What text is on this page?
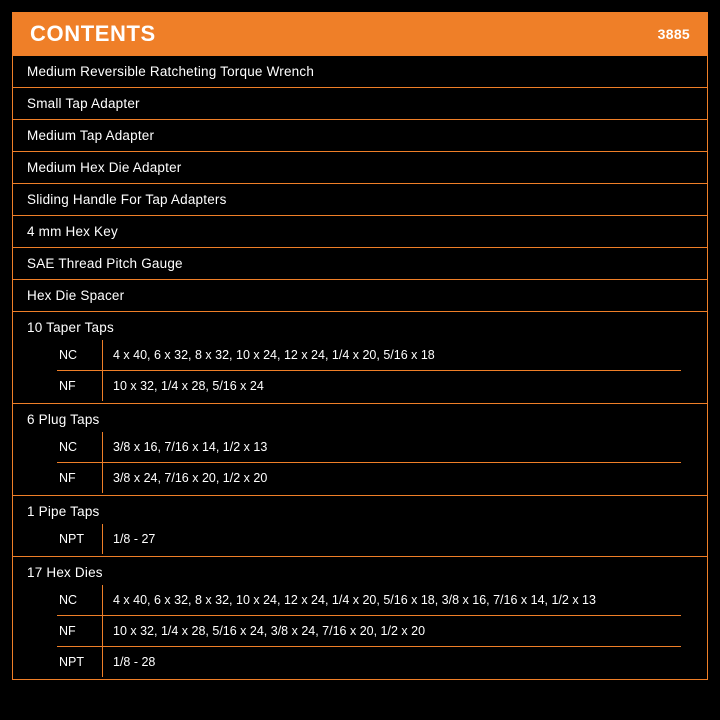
CONTENTS	3885
Medium Reversible Ratcheting Torque Wrench
Small Tap Adapter
Medium Tap Adapter
Medium Hex Die Adapter
Sliding Handle For Tap Adapters
4 mm Hex Key
SAE Thread Pitch Gauge
Hex Die Spacer
10 Taper Taps
NC	4 x 40, 6 x 32, 8 x 32, 10 x 24, 12 x 24, 1/4 x 20, 5/16 x 18
NF	10 x 32, 1/4 x 28, 5/16 x 24
6 Plug Taps
NC	3/8 x 16, 7/16 x 14, 1/2 x 13
NF	3/8 x 24, 7/16 x 20, 1/2 x 20
1 Pipe Taps
NPT	1/8 - 27
17 Hex Dies
NC	4 x 40, 6 x 32, 8 x 32, 10 x 24, 12 x 24, 1/4 x 20, 5/16 x 18, 3/8 x 16, 7/16 x 14, 1/2 x 13
NF	10 x 32, 1/4 x 28, 5/16 x 24, 3/8 x 24, 7/16 x 20, 1/2 x 20
NPT	1/8 - 28
